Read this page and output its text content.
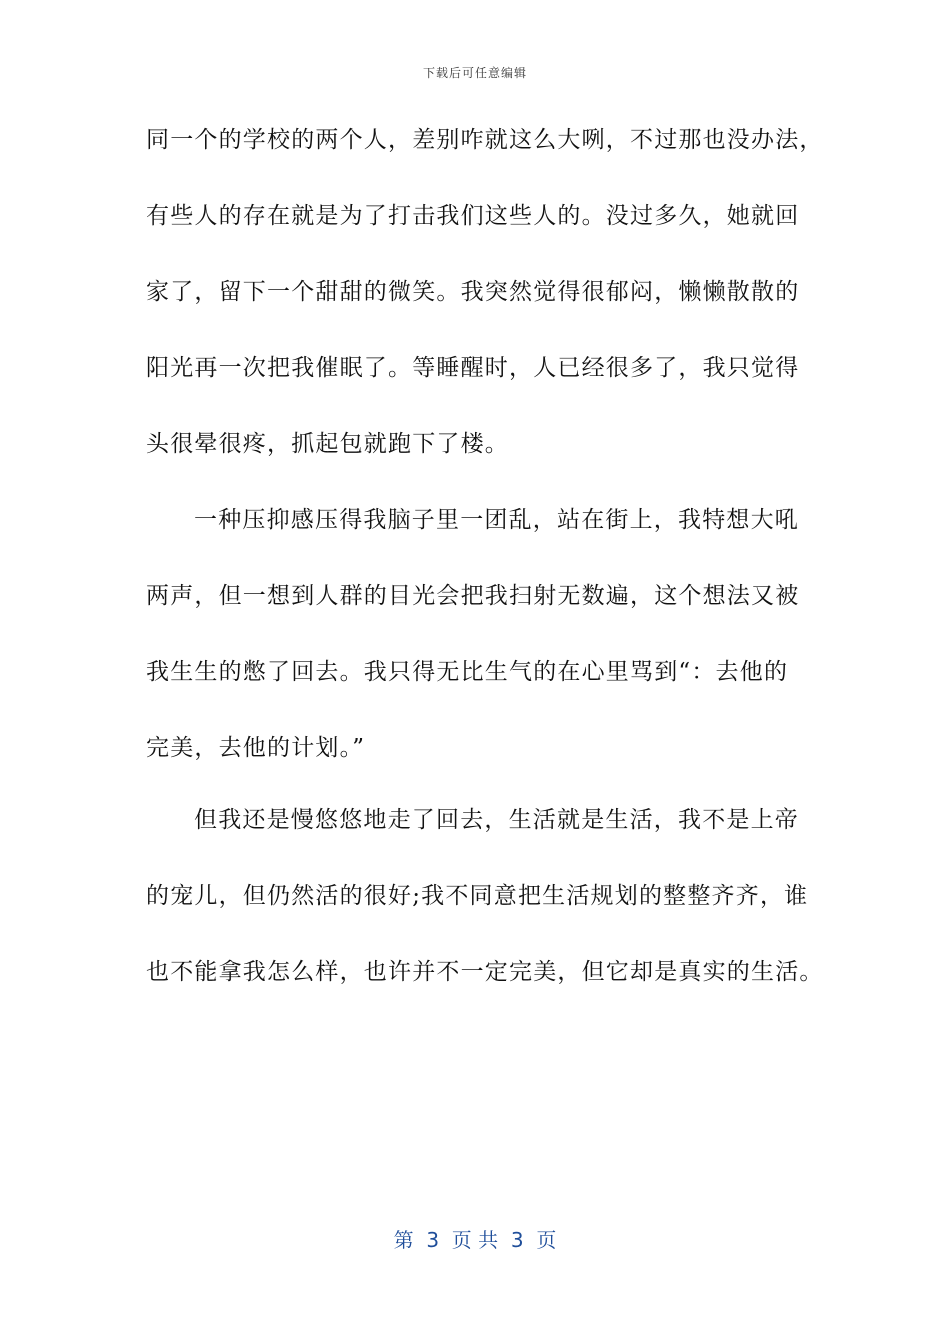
下载后可任意编辑
同一个的学校的两个人，差别咋就这么大咧，不过那也没办法，
有些人的存在就是为了打击我们这些人的。没过多久，她就回
家了，留下一个甜甜的微笑。我突然觉得很郁闷，懒懒散散的
阳光再一次把我催眠了。等睡醒时，人已经很多了，我只觉得
头很晕很疼，抓起包就跑下了楼。
一种压抑感压得我脑子里一团乱，站在街上，我特想大吼
两声，但一想到人群的目光会把我扫射无数遍，这个想法又被
我生生的憋了回去。我只得无比生气的在心里骂到“：去他的
完美，去他的计划。”
但我还是慢悠悠地走了回去，生活就是生活，我不是上帝
的宠儿，但仍然活的很好;我不同意把生活规划的整整齐齐，谁
也不能拿我怎么样，也许并不一定完美，但它却是真实的生活。
第  3  页 共  3  页
